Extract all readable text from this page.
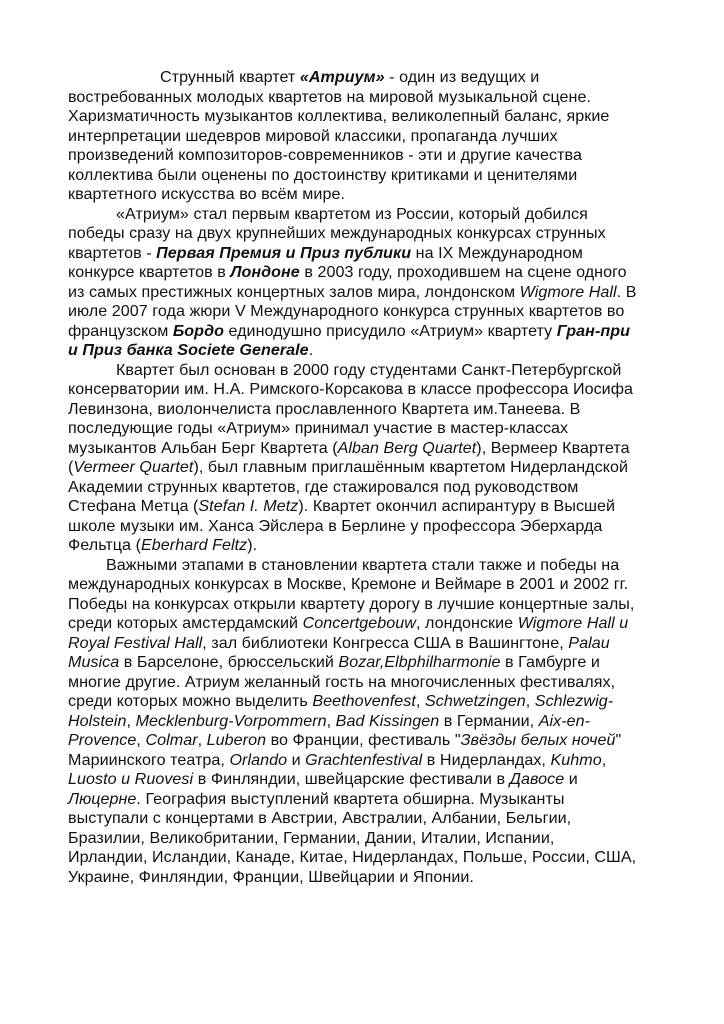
Струнный квартет «Атриум» - один из ведущих и востребованных молодых квартетов на мировой музыкальной сцене. Харизматичность музыкантов коллектива, великолепный баланс, яркие интерпретации шедевров мировой классики, пропаганда лучших произведений композиторов-современников - эти и другие качества коллектива были оценены по достоинству критиками и ценителями квартетного искусства во всём мире.

«Атриум» стал первым квартетом из России, который добился победы сразу на двух крупнейших международных конкурсах струнных квартетов - Первая Премия и Приз публики на IX Международном конкурсе квартетов в Лондоне в 2003 году, проходившем на сцене одного из самых престижных концертных залов мира, лондонском Wigmore Hall. В июле 2007 года жюри V Международного конкурса струнных квартетов во французском Бордо единодушно присудило «Атриум» квартету Гран-при и Приз банка Societe Generale.

Квартет был основан в 2000 году студентами Санкт-Петербургской консерватории им. Н.А. Римского-Корсакова в классе профессора Иосифа Левинзона, виолончелиста прославленного Квартета им.Танеева. В последующие годы «Атриум» принимал участие в мастер-классах музыкантов Альбан Берг Квартета (Alban Berg Quartet), Вермеер Квартета (Vermeer Quartet), был главным приглашённым квартетом Нидерландской Академии струнных квартетов, где стажировался под руководством Стефана Метца (Stefan I. Metz). Квартет окончил аспирантуру в Высшей школе музыки им. Ханса Эйслера в Берлине у профессора Эберхарда Фельтца (Eberhard Feltz).

Важными этапами в становлении квартета стали также и победы на международных конкурсах в Москве, Кремоне и Веймаре в 2001 и 2002 гг. Победы на конкурсах открыли квартету дорогу в лучшие концертные залы, среди которых амстердамский Concertgebouw, лондонские Wigmore Hall и Royal Festival Hall, зал библиотеки Конгресса США в Вашингтоне, Palau Musica в Барселоне, брюссельский Bozar,Elbphilharmonie в Гамбурге и многие другие. Атриум желанный гость на многочисленных фестивалях, среди которых можно выделить Beethovenfest, Schwetzingen, Schlezwig-Holstein, Mecklenburg-Vorpommern, Bad Kissingen в Германии, Aix-en-Provence, Colmar, Luberon во Франции, фестиваль "Звёзды белых ночей" Мариинского театра, Orlando и Grachtenfestival в Нидерландах, Kuhmo, Luosto и Ruovesi в Финляндии, швейцарские фестивали в Давосе и Люцерне. География выступлений квартета обширна. Музыканты выступали с концертами в Австрии, Австралии, Албании, Бельгии, Бразилии, Великобритании, Германии, Дании, Италии, Испании, Ирландии, Исландии, Канаде, Китае, Нидерландах, Польше, России, США, Украине, Финляндии, Франции, Швейцарии и Японии.
